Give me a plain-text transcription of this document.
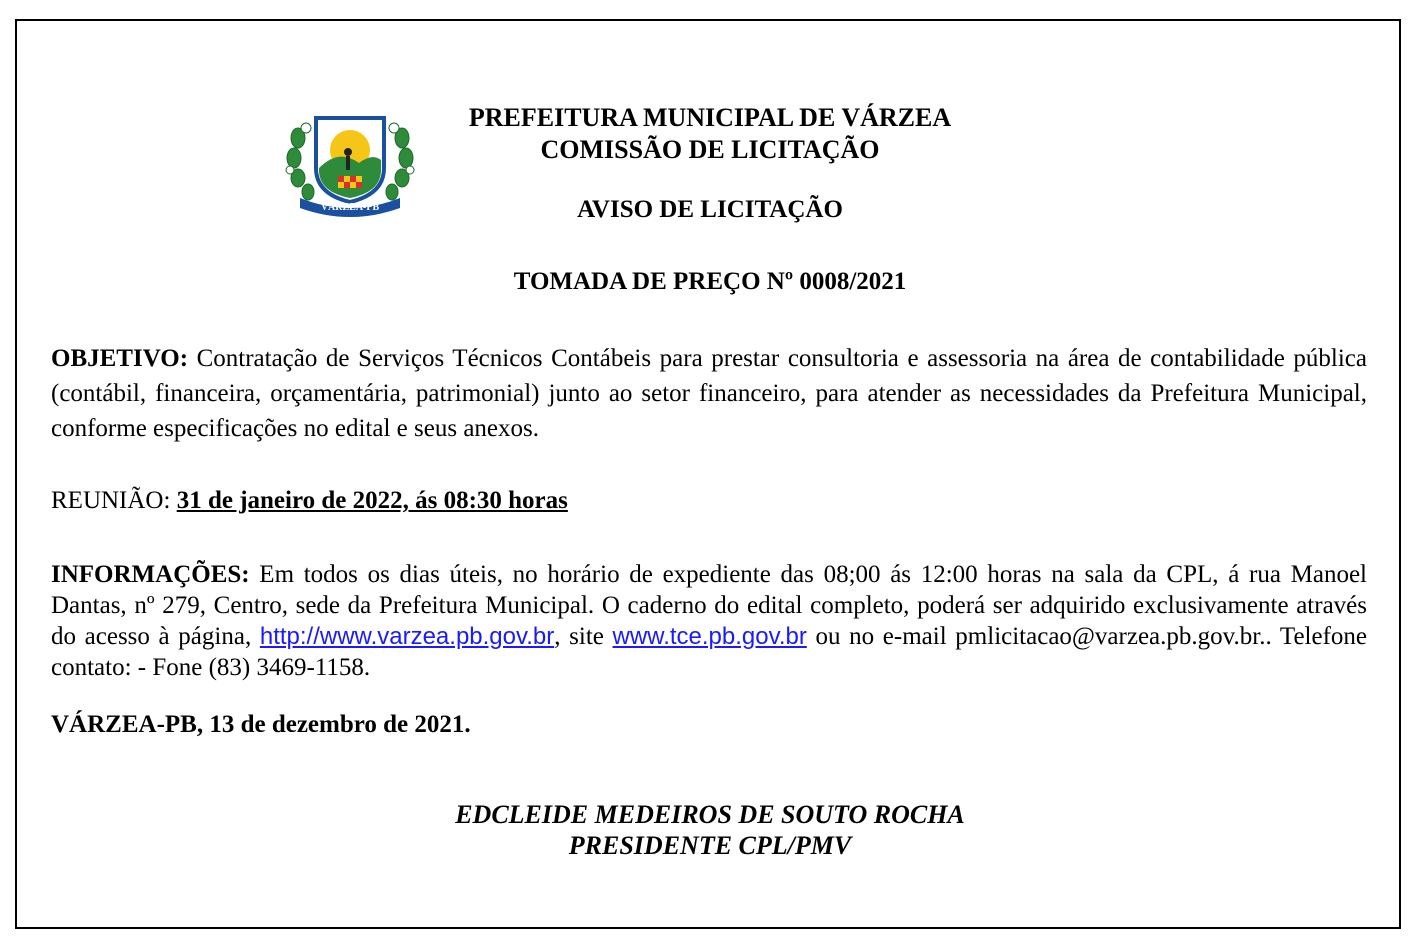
VÁRZEA-PB
PREFEITURA MUNICIPAL DE VÁRZEA
COMISSÃO DE LICITAÇÃO
AVISO DE LICITAÇÃO
TOMADA DE PREÇO Nº 0008/2021
OBJETIVO: Contratação de Serviços Técnicos Contábeis para prestar consultoria e assessoria na área de contabilidade pública (contábil, financeira, orçamentária, patrimonial) junto ao setor financeiro, para atender as necessidades da Prefeitura Municipal, conforme especificações no edital e seus anexos.
REUNIÃO: 31 de janeiro de 2022, ás 08:30 horas
INFORMAÇÕES: Em todos os dias úteis, no horário de expediente das 08;00 ás 12:00 horas na sala da CPL, á rua Manoel Dantas, nº 279, Centro, sede da Prefeitura Municipal. O caderno do edital completo, poderá ser adquirido exclusivamente através do acesso à página, http://www.varzea.pb.gov.br, site www.tce.pb.gov.br ou no e-mail pmlicitacao@varzea.pb.gov.br.. Telefone contato: - Fone (83) 3469-1158.
VÁRZEA-PB, 13 de dezembro de 2021.
EDCLEIDE MEDEIROS DE SOUTO ROCHA
PRESIDENTE CPL/PMV
